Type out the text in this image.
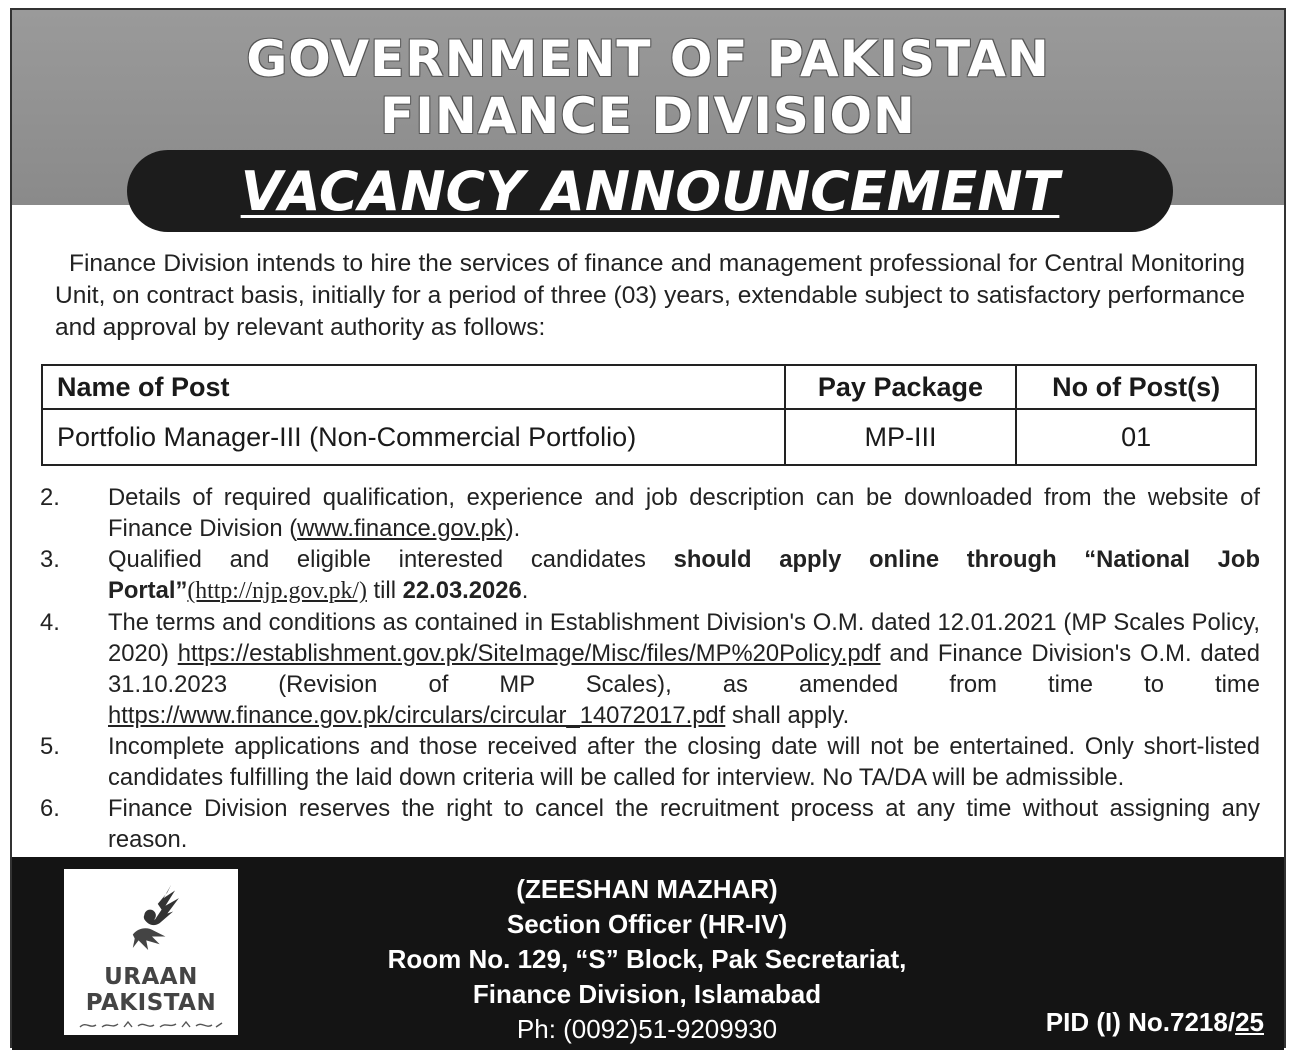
GOVERNMENT OF PAKISTAN
FINANCE DIVISION
VACANCY ANNOUNCEMENT

Finance Division intends to hire the services of finance and management professional for Central Monitoring Unit, on contract basis, initially for a period of three (03) years, extendable subject to satisfactory performance and approval by relevant authority as follows:

Name of Post	Pay Package	No of Post(s)
Portfolio Manager-III (Non-Commercial Portfolio)	MP-III	01
2. Details of required qualification, experience and job description can be downloaded from the website of Finance Division (www.finance.gov.pk).
3. Qualified and eligible interested candidates should apply online through “National Job Portal”(http://njp.gov.pk/) till 22.03.2026.
4. The terms and conditions as contained in Establishment Division's O.M. dated 12.01.2021 (MP Scales Policy, 2020) https://establishment.gov.pk/SiteImage/Misc/files/MP%20Policy.pdf and Finance Division's O.M. dated 31.10.2023 (Revision of MP Scales), as amended from time to time https://www.finance.gov.pk/circulars/circular_14072017.pdf shall apply.
5. Incomplete applications and those received after the closing date will not be entertained. Only short-listed candidates fulfilling the laid down criteria will be called for interview. No TA/DA will be admissible.
6. Finance Division reserves the right to cancel the recruitment process at any time without assigning any reason.
URAAN
PAKISTAN
(ZEESHAN MAZHAR)
Section Officer (HR-IV)
Room No. 129, “S” Block, Pak Secretariat,
Finance Division, Islamabad
Ph: (0092)51-9209930	PID (I) No.7218/25
